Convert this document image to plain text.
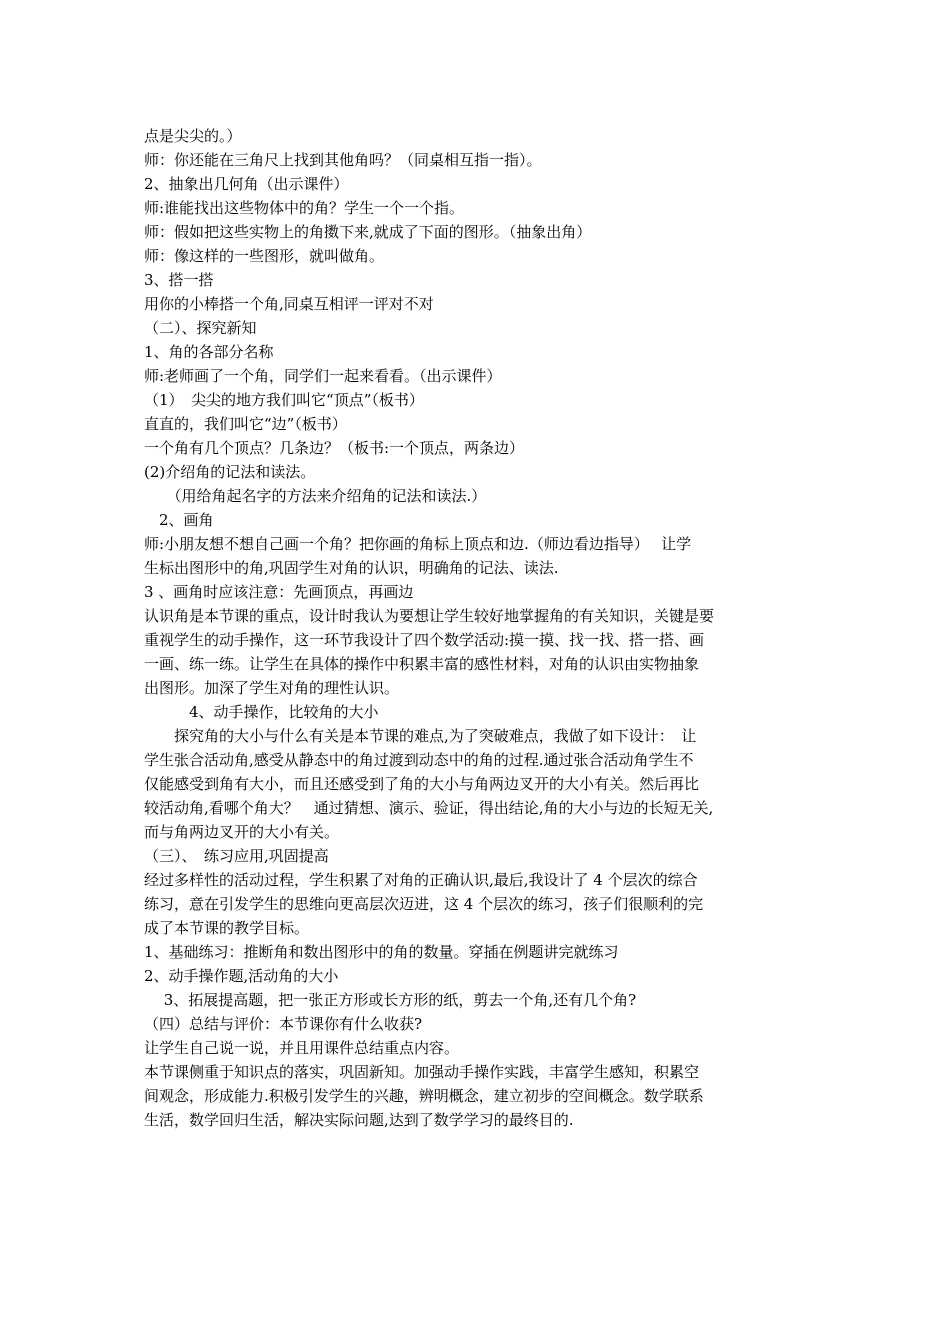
点是尖尖的。）
师：你还能在三角尺上找到其他角吗？（同桌相互指一指）。
2、抽象出几何角（出示课件）
师:谁能找出这些物体中的角？学生一个一个指。
师：假如把这些实物上的角擞下来,就成了下面的图形。（抽象出角）
师：像这样的一些图形，就叫做角。
3、搭一搭
用你的小棒搭一个角,同桌互相评一评对不对
（二）、探究新知
1、角的各部分名称
师:老师画了一个角，同学们一起来看看。（出示课件）
（1）　尖尖的地方我们叫它“顶点”（板书）
直直的，我们叫它“边”（板书）
一个角有几个顶点？几条边？（板书:一个顶点，两条边）
(2)介绍角的记法和读法。
　　（用给角起名字的方法来介绍角的记法和读法.）
　2、画角
师:小朋友想不想自己画一个角？把你画的角标上顶点和边.（师边看边指导）　 让学
生标出图形中的角,巩固学生对角的认识，明确角的记法、读法.
3 、画角时应该注意：先画顶点，再画边
认识角是本节课的重点，设计时我认为要想让学生较好地掌握角的有关知识，关键是要
重视学生的动手操作，这一环节我设计了四个数学活动:摸一摸、找一找、搭一搭、画
一画、练一练。让学生在具体的操作中积累丰富的感性材料，对角的认识由实物抽象
出图形。加深了学生对角的理性认识。
　　　4、动手操作，比较角的大小
　　探究角的大小与什么有关是本节课的难点,为了突破难点，我做了如下设计：　让
学生张合活动角,感受从静态中的角过渡到动态中的角的过程.通过张合活动角学生不
仅能感受到角有大小，而且还感受到了角的大小与角两边叉开的大小有关。然后再比
较活动角,看哪个角大？　通过猜想、演示、验证，得出结论,角的大小与边的长短无关,
而与角两边叉开的大小有关。
（三）、　练习应用,巩固提高
经过多样性的活动过程，学生积累了对角的正确认识,最后,我设计了 4 个层次的综合
练习，意在引发学生的思维向更高层次迈进，这 4 个层次的练习，孩子们很顺利的完
成了本节课的教学目标。
1、基础练习：推断角和数出图形中的角的数量。穿插在例题讲完就练习
2、动手操作题,活动角的大小
　 3、拓展提高题，把一张正方形或长方形的纸，剪去一个角,还有几个角?
（四）总结与评价：本节课你有什么收获?
让学生自己说一说，并且用课件总结重点内容。
本节课侧重于知识点的落实，巩固新知。加强动手操作实践，丰富学生感知，积累空
间观念，形成能力.积极引发学生的兴趣，辨明概念，建立初步的空间概念。数学联系
生活，数学回归生活，解决实际问题,达到了数学学习的最终目的.
